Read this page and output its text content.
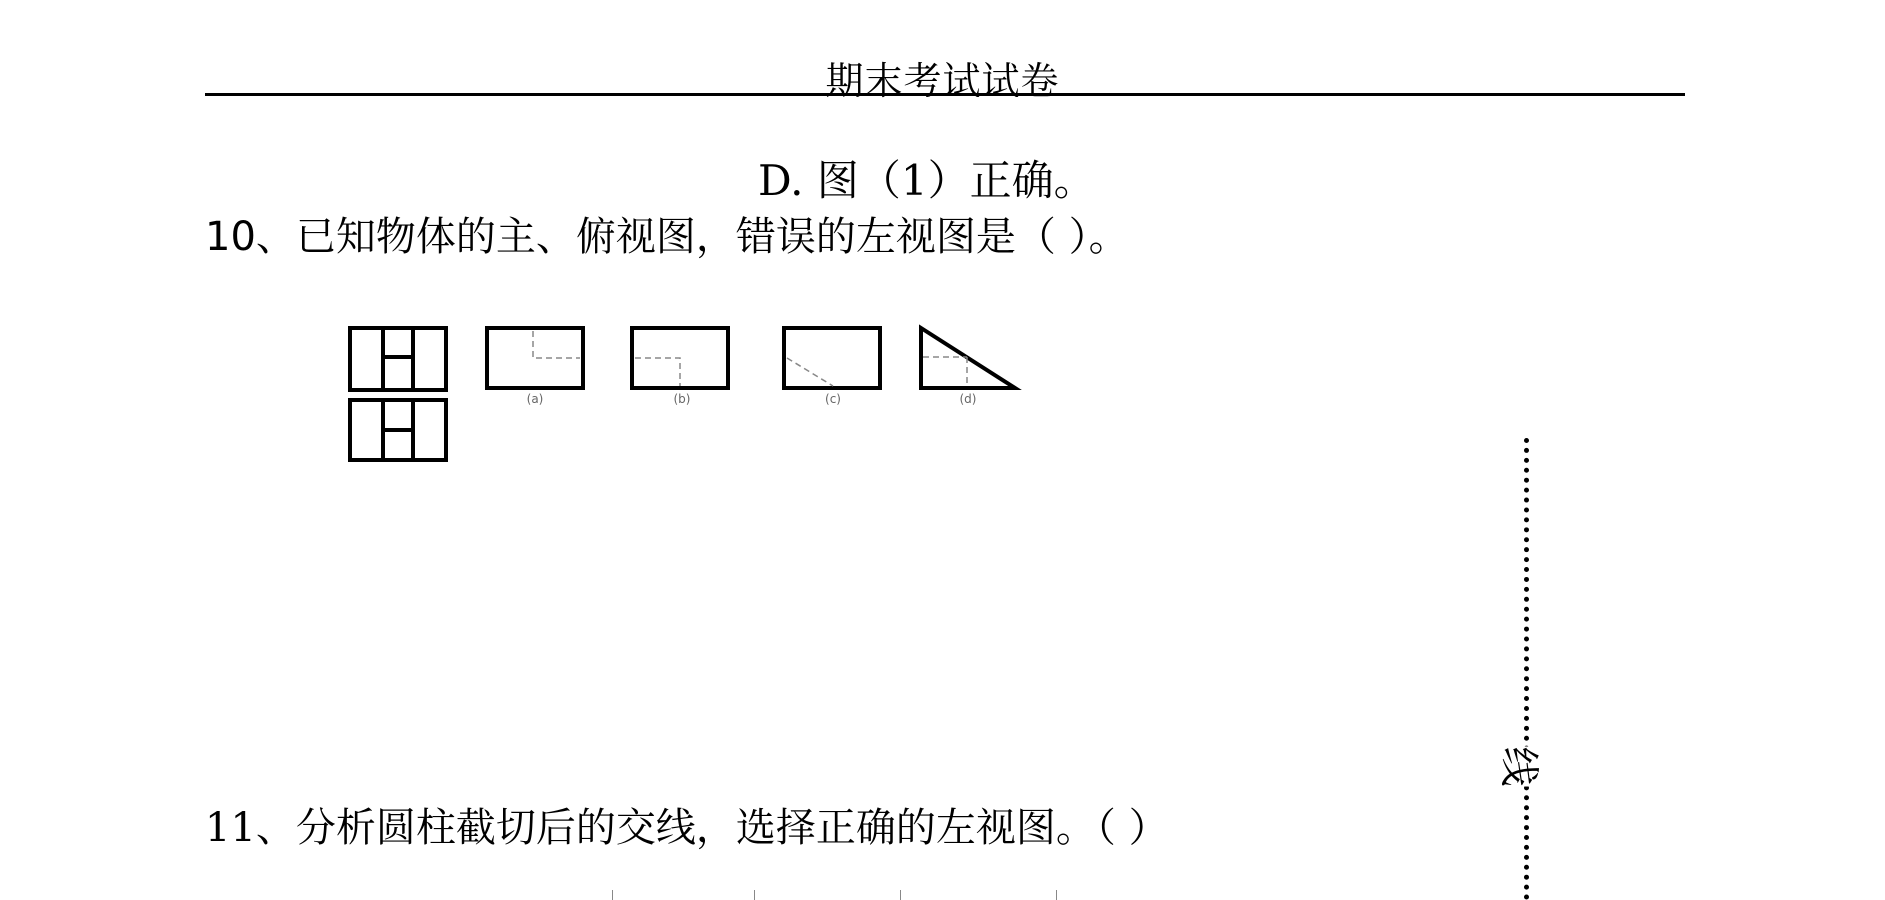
期末考试试卷
D. 图（1）正确。
10、已知物体的主、俯视图，错误的左视图是（ ）。
(a)	(b)	(c)	(d)
11、分析圆柱截切后的交线，选择正确的左视图。（ ）
线
